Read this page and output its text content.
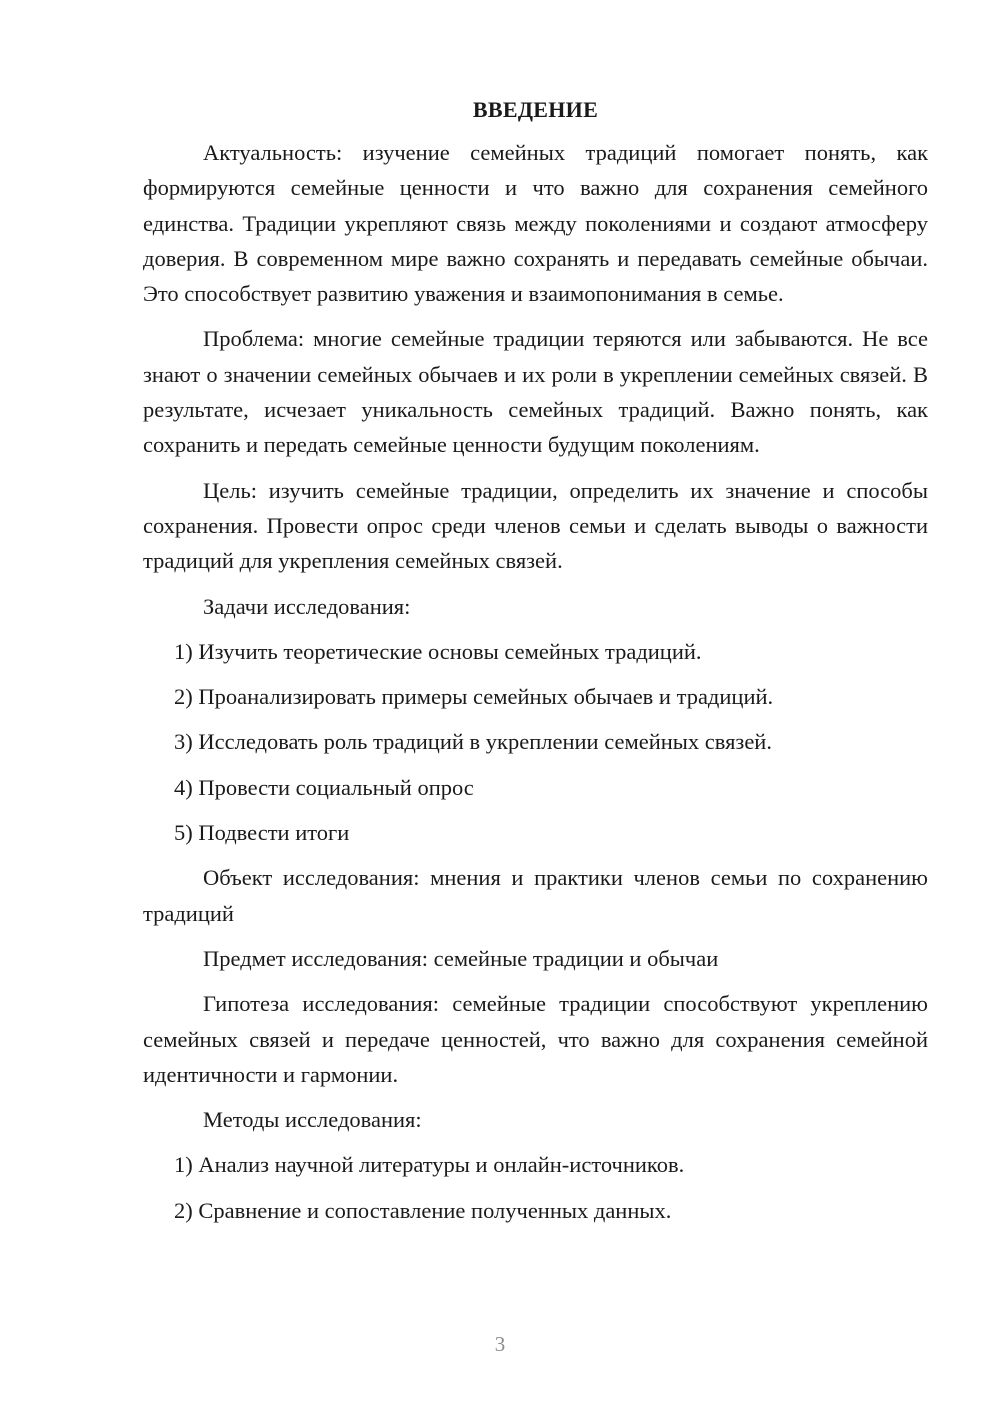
ВВЕДЕНИЕ

Актуальность: изучение семейных традиций помогает понять, как формируются семейные ценности и что важно для сохранения семейного единства. Традиции укрепляют связь между поколениями и создают атмосферу доверия. В современном мире важно сохранять и передавать семейные обычаи. Это способствует развитию уважения и взаимопонимания в семье.

Проблема: многие семейные традиции теряются или забываются. Не все знают о значении семейных обычаев и их роли в укреплении семейных связей. В результате, исчезает уникальность семейных традиций. Важно понять, как сохранить и передать семейные ценности будущим поколениям.

Цель: изучить семейные традиции, определить их значение и способы сохранения. Провести опрос среди членов семьи и сделать выводы о важности традиций для укрепления семейных связей.

Задачи исследования:

1) Изучить теоретические основы семейных традиций.
2) Проанализировать примеры семейных обычаев и традиций.
3) Исследовать роль традиций в укреплении семейных связей.
4) Провести социальный опрос
5) Подвести итоги

Объект исследования: мнения и практики членов семьи по сохранению традиций

Предмет исследования: семейные традиции и обычаи

Гипотеза исследования: семейные традиции способствуют укреплению семейных связей и передаче ценностей, что важно для сохранения семейной идентичности и гармонии.

Методы исследования:

1) Анализ научной литературы и онлайн-источников.
2) Сравнение и сопоставление полученных данных.
3
